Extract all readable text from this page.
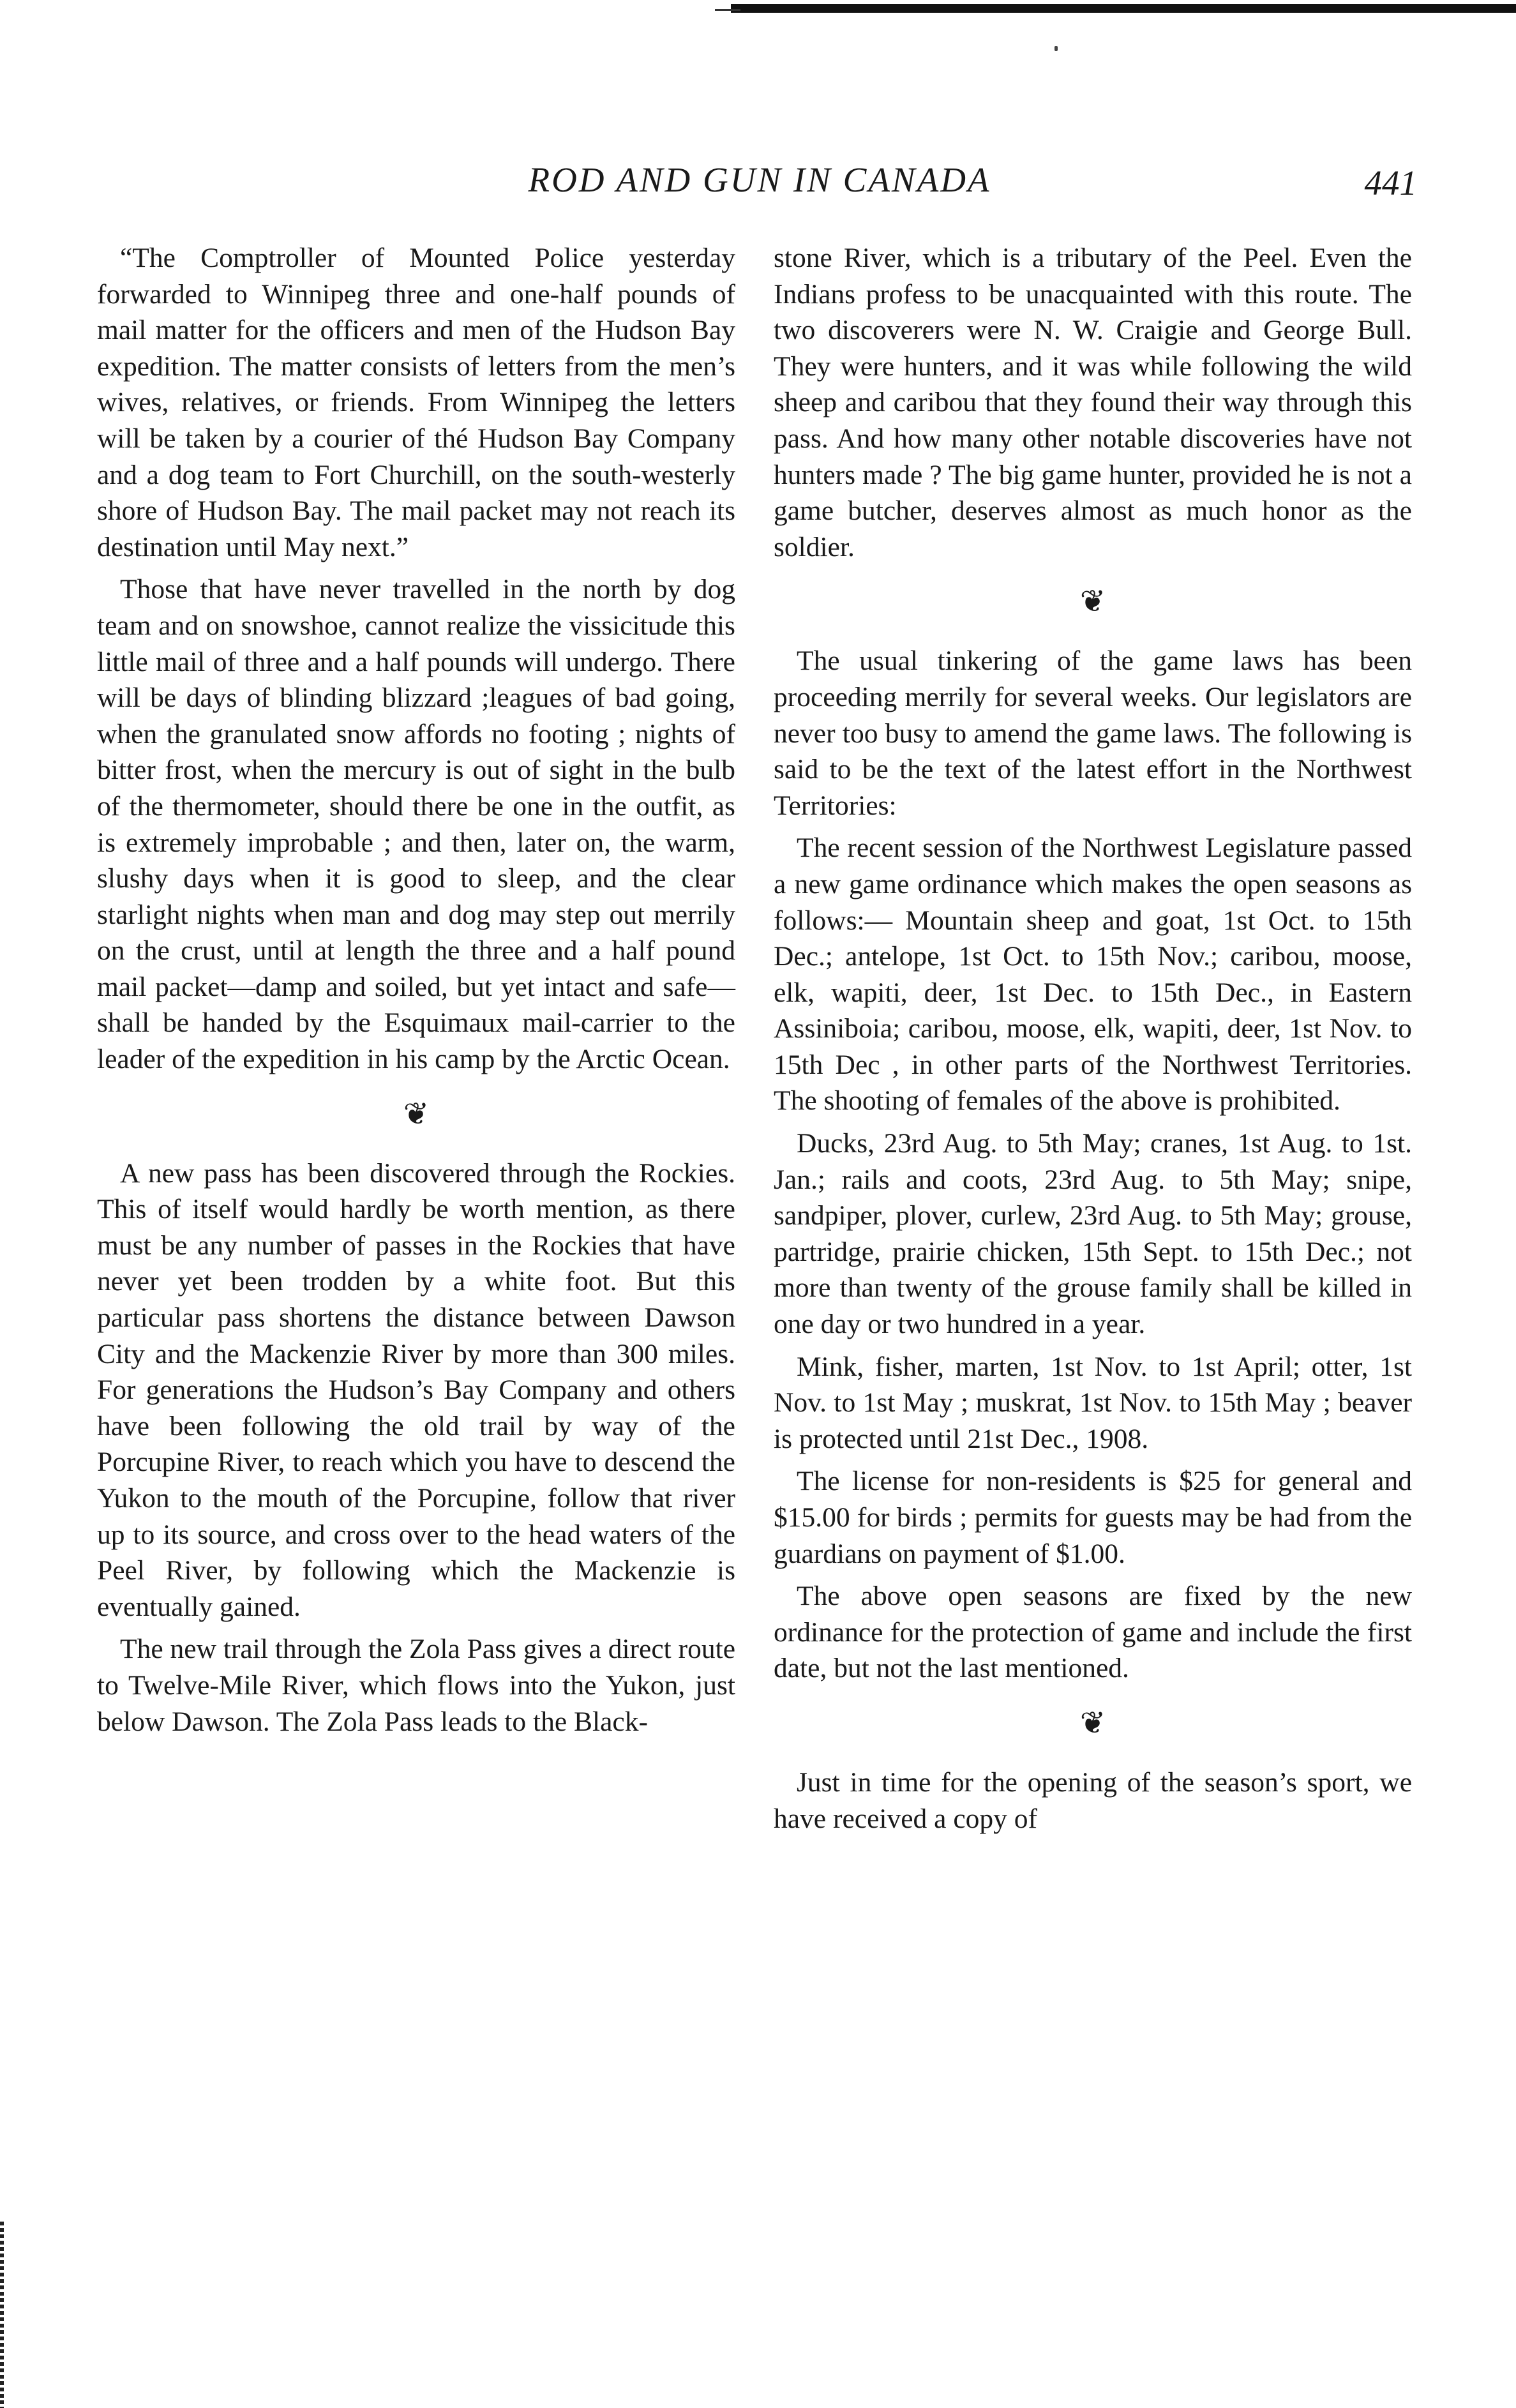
ROD AND GUN IN CANADA	441

“The Comptroller of Mounted Police yesterday forwarded to Winnipeg three and one-half pounds of mail matter for the officers and men of the Hudson Bay expedition. The matter consists of letters from the men’s wives, relatives, or friends. From Winnipeg the letters will be taken by a courier of thé Hudson Bay Company and a dog team to Fort Churchill, on the south-westerly shore of Hudson Bay. The mail packet may not reach its destination until May next.”

Those that have never travelled in the north by dog team and on snowshoe, cannot realize the vissicitude this little mail of three and a half pounds will undergo. There will be days of blinding blizzard ;leagues of bad going, when the granulated snow affords no footing ; nights of bitter frost, when the mercury is out of sight in the bulb of the thermometer, should there be one in the outfit, as is extremely improbable ; and then, later on, the warm, slushy days when it is good to sleep, and the clear starlight nights when man and dog may step out merrily on the crust, until at length the three and a half pound mail packet—damp and soiled, but yet intact and safe—shall be handed by the Esquimaux mail-carrier to the leader of the expedition in his camp by the Arctic Ocean.

❦

A new pass has been discovered through the Rockies. This of itself would hardly be worth mention, as there must be any number of passes in the Rockies that have never yet been trodden by a white foot. But this particular pass shortens the distance between Dawson City and the Mackenzie River by more than 300 miles. For generations the Hudson’s Bay Company and others have been following the old trail by way of the Porcupine River, to reach which you have to descend the Yukon to the mouth of the Porcupine, follow that river up to its source, and cross over to the head waters of the Peel River, by following which the Mackenzie is eventually gained.

The new trail through the Zola Pass gives a direct route to Twelve-Mile River, which flows into the Yukon, just below Dawson. The Zola Pass leads to the Black-

stone River, which is a tributary of the Peel. Even the Indians profess to be unacquainted with this route. The two discoverers were N. W. Craigie and George Bull. They were hunters, and it was while following the wild sheep and caribou that they found their way through this pass. And how many other notable discoveries have not hunters made ? The big game hunter, provided he is not a game butcher, deserves almost as much honor as the soldier.

❦

The usual tinkering of the game laws has been proceeding merrily for several weeks. Our legislators are never too busy to amend the game laws. The following is said to be the text of the latest effort in the Northwest Territories:

The recent session of the Northwest Legislature passed a new game ordinance which makes the open seasons as follows:— Mountain sheep and goat, 1st Oct. to 15th Dec.; antelope, 1st Oct. to 15th Nov.; caribou, moose, elk, wapiti, deer, 1st Dec. to 15th Dec., in Eastern Assiniboia; caribou, moose, elk, wapiti, deer, 1st Nov. to 15th Dec , in other parts of the Northwest Territories. The shooting of females of the above is prohibited.

Ducks, 23rd Aug. to 5th May; cranes, 1st Aug. to 1st. Jan.; rails and coots, 23rd Aug. to 5th May; snipe, sandpiper, plover, curlew, 23rd Aug. to 5th May; grouse, partridge, prairie chicken, 15th Sept. to 15th Dec.; not more than twenty of the grouse family shall be killed in one day or two hundred in a year.

Mink, fisher, marten, 1st Nov. to 1st April; otter, 1st Nov. to 1st May ; muskrat, 1st Nov. to 15th May ; beaver is protected until 21st Dec., 1908.

The license for non-residents is $25 for general and $15.00 for birds ; permits for guests may be had from the guardians on payment of $1.00.

The above open seasons are fixed by the new ordinance for the protection of game and include the first date, but not the last mentioned.

❦

Just in time for the opening of the season’s sport, we have received a copy of
